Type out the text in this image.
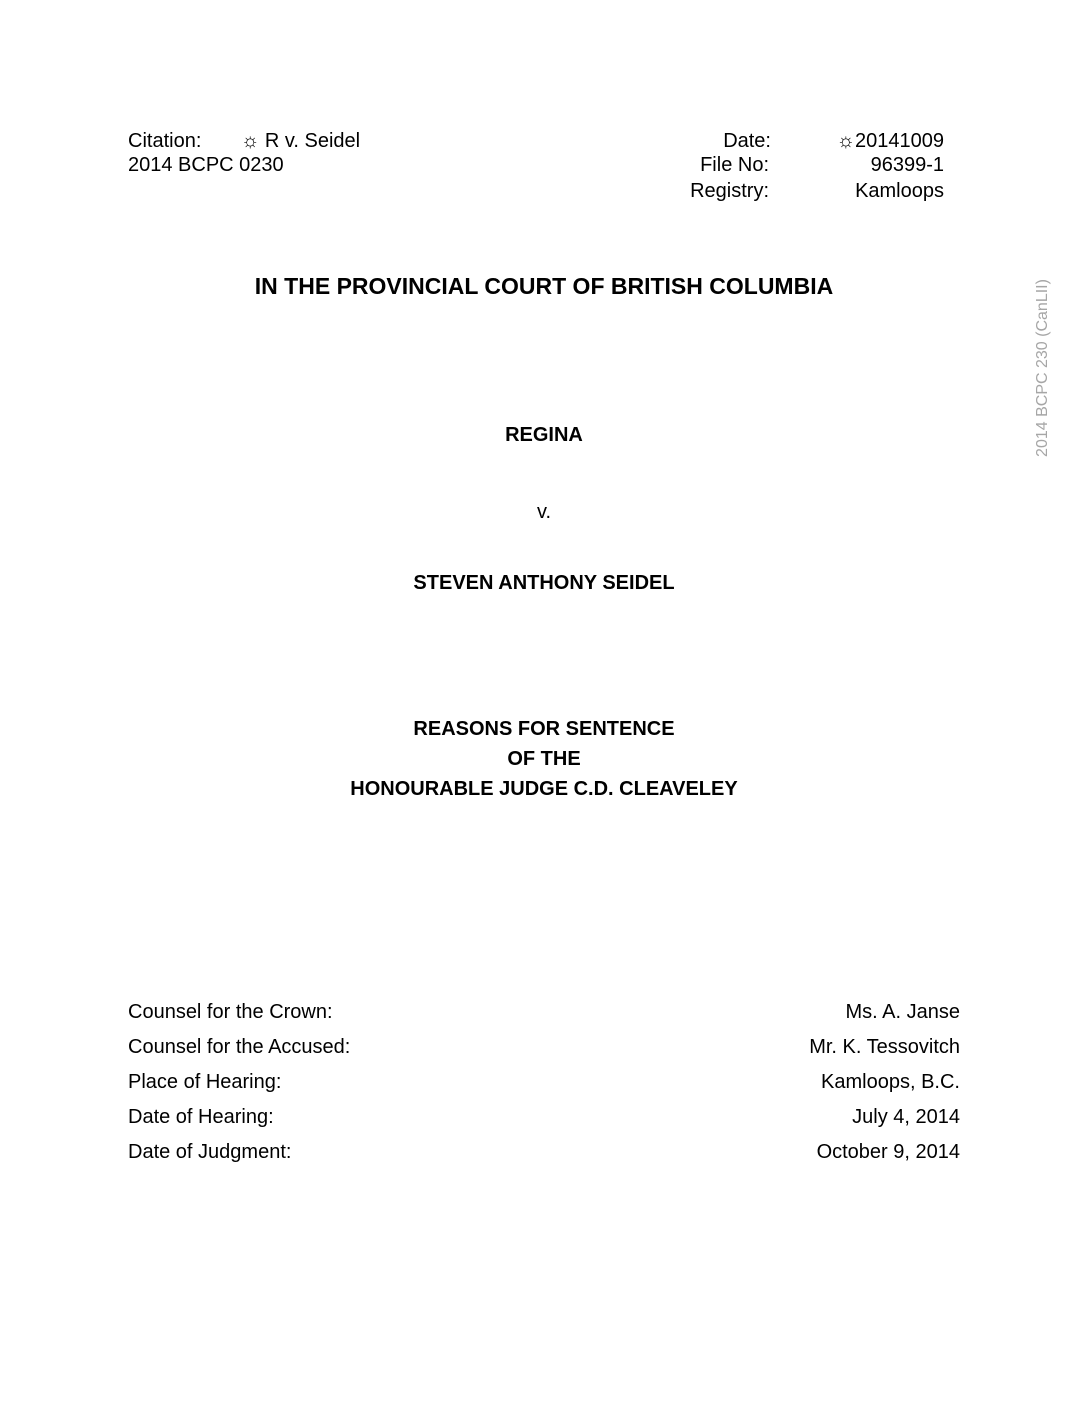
Citation: ☼ R v. Seidel
2014 BCPC 0230
Date:	☼20141009
File No:	96399-1
Registry:	Kamloops
IN THE PROVINCIAL COURT OF BRITISH COLUMBIA
REGINA
v.
STEVEN ANTHONY SEIDEL
REASONS FOR SENTENCE
OF THE
HONOURABLE JUDGE C.D. CLEAVELEY
Counsel for the Crown:	Ms. A. Janse
Counsel for the Accused:	Mr. K. Tessovitch
Place of Hearing:	Kamloops, B.C.
Date of Hearing:	July 4, 2014
Date of Judgment:	October 9, 2014
2014 BCPC 230 (CanLII)
